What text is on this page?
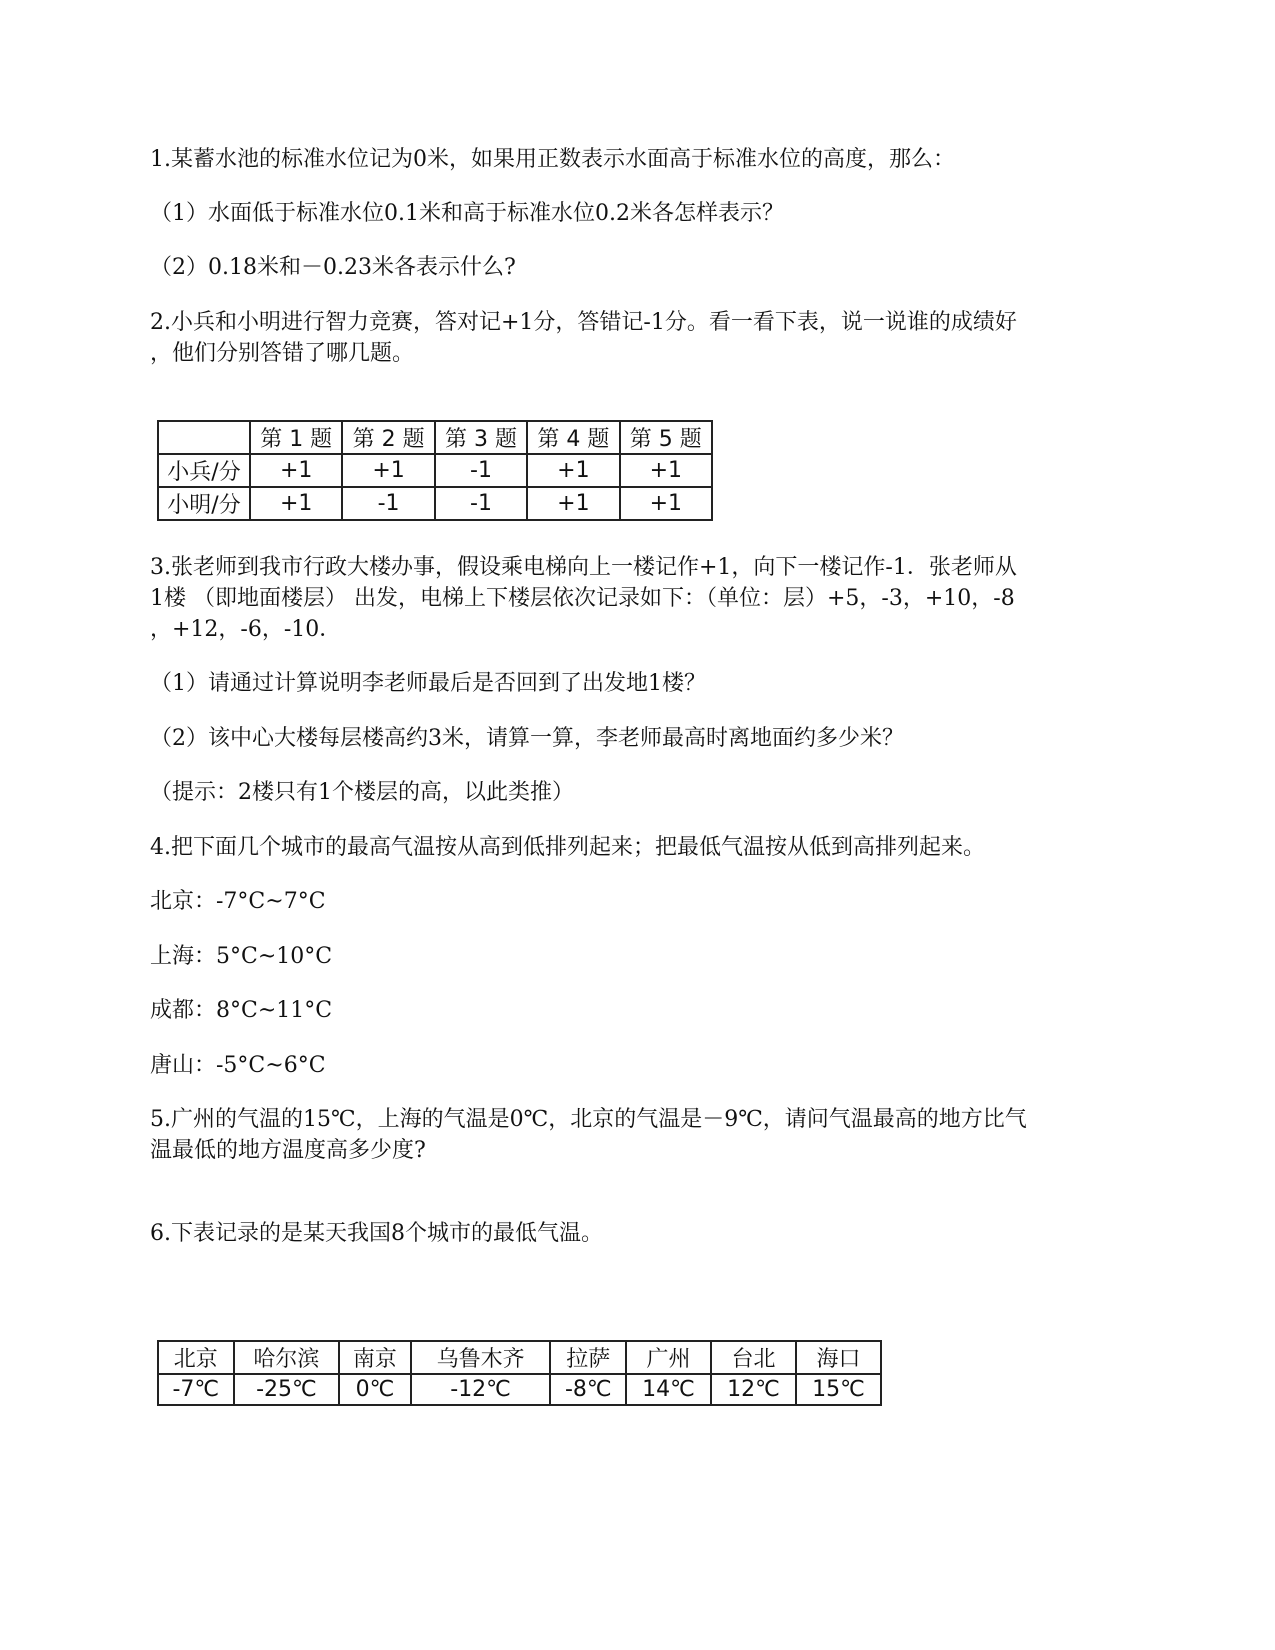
1.某蓄水池的标准水位记为0米，如果用正数表示水面高于标准水位的高度，那么：
（1）水面低于标准水位0.1米和高于标准水位0.2米各怎样表示？
（2）0.18米和－0.23米各表示什么?
2.小兵和小明进行智力竞赛，答对记+1分，答错记-1分。看一看下表，说一说谁的成绩好
，他们分别答错了哪几题。
	第 1 题	第 2 题	第 3 题	第 4 题	第 5 题
小兵/分	+1	+1	-1	+1	+1
小明/分	+1	-1	-1	+1	+1
3.张老师到我市行政大楼办事，假设乘电梯向上一楼记作+1，向下一楼记作-1．张老师从
1楼 （即地面楼层） 出发，电梯上下楼层依次记录如下：（单位：层）+5，-3，+10，-8
，+12，-6，-10．
（1）请通过计算说明李老师最后是否回到了出发地1楼？
（2）该中心大楼每层楼高约3米，请算一算，李老师最高时离地面约多少米？
（提示：2楼只有1个楼层的高，以此类推）
4.把下面几个城市的最高气温按从高到低排列起来；把最低气温按从低到高排列起来。
北京：-7°C~7°C
上海：5°C~10°C
成都：8°C~11°C
唐山：-5°C~6°C
5.广州的气温的15℃，上海的气温是0℃，北京的气温是－9℃，请问气温最高的地方比气
温最低的地方温度高多少度?
6.下表记录的是某天我国8个城市的最低气温。
北京	哈尔滨	南京	乌鲁木齐	拉萨	广州	台北	海口
-7℃	-25℃	0℃	-12℃	-8℃	14℃	12℃	15℃
